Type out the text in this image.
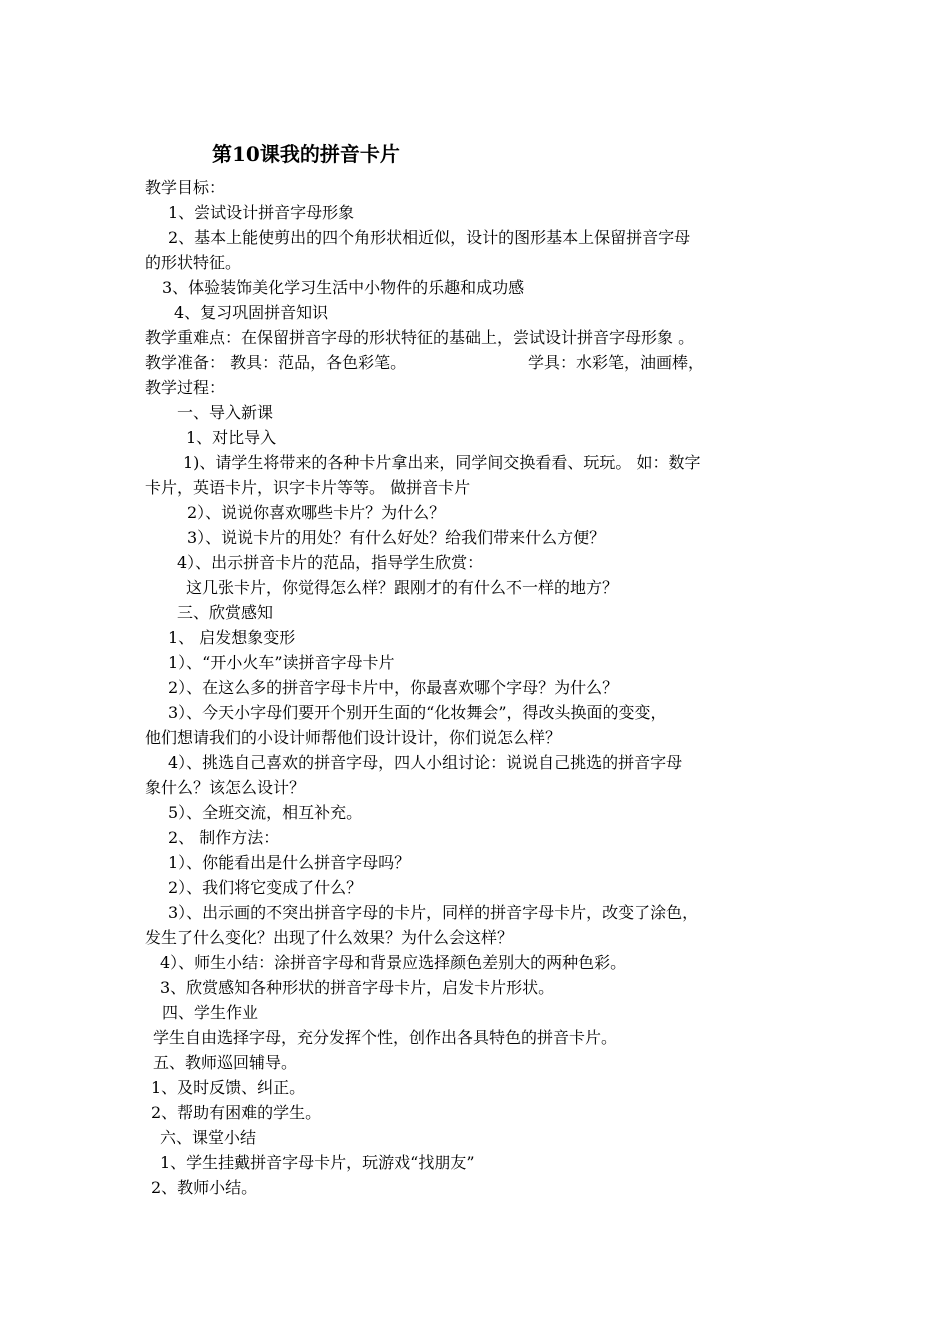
第10课我的拼音卡片
教学目标：
1、尝试设计拼音字母形象
2、基本上能使剪出的四个角形状相近似，设计的图形基本上保留拼音字母
的形状特征。
3、体验装饰美化学习生活中小物件的乐趣和成功感
4、复习巩固拼音知识
教学重难点：在保留拼音字母的形状特征的基础上，尝试设计拼音字母形象 。
教学准备： 教具：范品，各色彩笔。	学具：水彩笔，油画棒，
教学过程：
一、导入新课
1、对比导入
1)、请学生将带来的各种卡片拿出来，同学间交换看看、玩玩。 如：数字
卡片，英语卡片，识字卡片等等。 做拼音卡片
2）、说说你喜欢哪些卡片？为什么？
3）、说说卡片的用处？有什么好处？给我们带来什么方便？
4）、出示拼音卡片的范品，指导学生欣赏：
这几张卡片，你觉得怎么样？跟刚才的有什么不一样的地方？
三、欣赏感知
1、 启发想象变形
1）、“开小火车”读拼音字母卡片
2）、在这么多的拼音字母卡片中，你最喜欢哪个字母？为什么？
3）、今天小字母们要开个别开生面的“化妆舞会”，得改头换面的变变，
他们想请我们的小设计师帮他们设计设计，你们说怎么样？
4）、挑选自己喜欢的拼音字母，四人小组讨论：说说自己挑选的拼音字母
象什么？该怎么设计？
5）、全班交流，相互补充。
2、 制作方法：
1）、你能看出是什么拼音字母吗？
2）、我们将它变成了什么？
3）、出示画的不突出拼音字母的卡片，同样的拼音字母卡片，改变了涂色，
发生了什么变化？出现了什么效果？为什么会这样？
4）、师生小结：涂拼音字母和背景应选择颜色差别大的两种色彩。
3、欣赏感知各种形状的拼音字母卡片，启发卡片形状。
四、学生作业
学生自由选择字母，充分发挥个性，创作出各具特色的拼音卡片。
五、教师巡回辅导。
1、及时反馈、纠正。
2、帮助有困难的学生。
六、课堂小结
1、学生挂戴拼音字母卡片，玩游戏“找朋友”
2、教师小结。
